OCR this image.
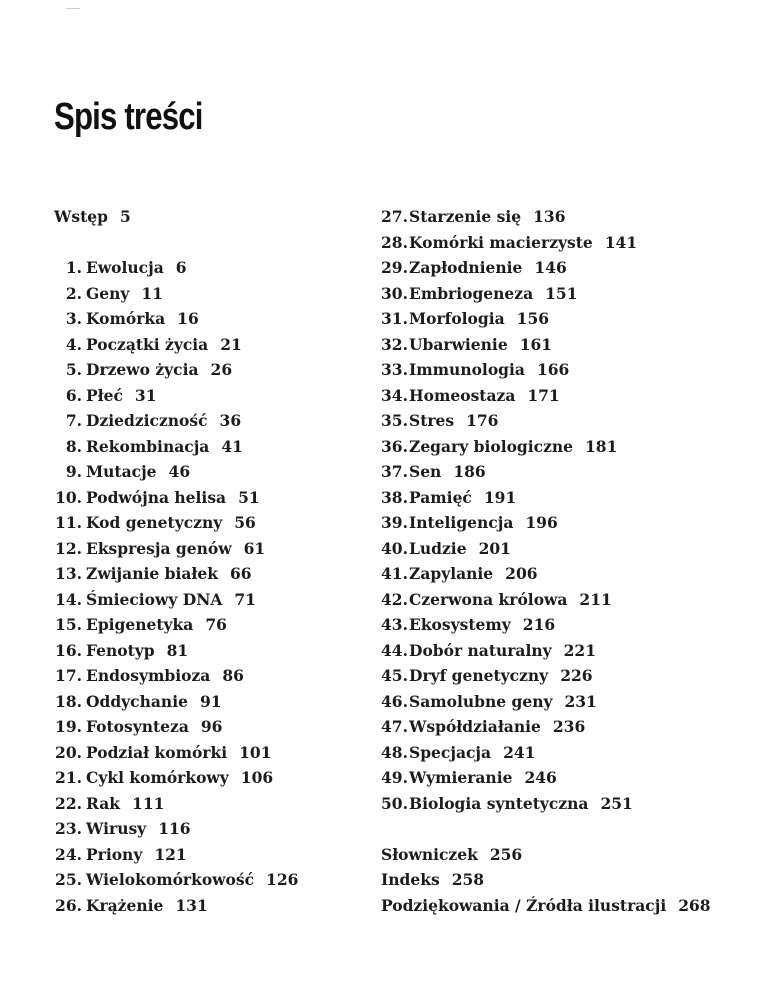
Spis treści
Wstęp 5
1. Ewolucja 6
2. Geny 11
3. Komórka 16
4. Początki życia 21
5. Drzewo życia 26
6. Płeć 31
7. Dziedziczność 36
8. Rekombinacja 41
9. Mutacje 46
10. Podwójna helisa 51
11. Kod genetyczny 56
12. Ekspresja genów 61
13. Zwijanie białek 66
14. Śmieciowy DNA 71
15. Epigenetyka 76
16. Fenotyp 81
17. Endosymbioza 86
18. Oddychanie 91
19. Fotosynteza 96
20. Podział komórki 101
21. Cykl komórkowy 106
22. Rak 111
23. Wirusy 116
24. Priony 121
25. Wielokomórkowość 126
26. Krążenie 131
27.Starzenie się 136
28.Komórki macierzyste 141
29.Zapłodnienie 146
30.Embriogeneza 151
31.Morfologia 156
32.Ubarwienie 161
33.Immunologia 166
34.Homeostaza 171
35.Stres 176
36.Zegary biologiczne 181
37.Sen 186
38.Pamięć 191
39.Inteligencja 196
40.Ludzie 201
41.Zapylanie 206
42.Czerwona królowa 211
43.Ekosystemy 216
44.Dobór naturalny 221
45.Dryf genetyczny 226
46.Samolubne geny 231
47.Współdziałanie 236
48.Specjacja 241
49.Wymieranie 246
50.Biologia syntetyczna 251
Słowniczek 256
Indeks 258
Podziękowania / Źródła ilustracji 268
